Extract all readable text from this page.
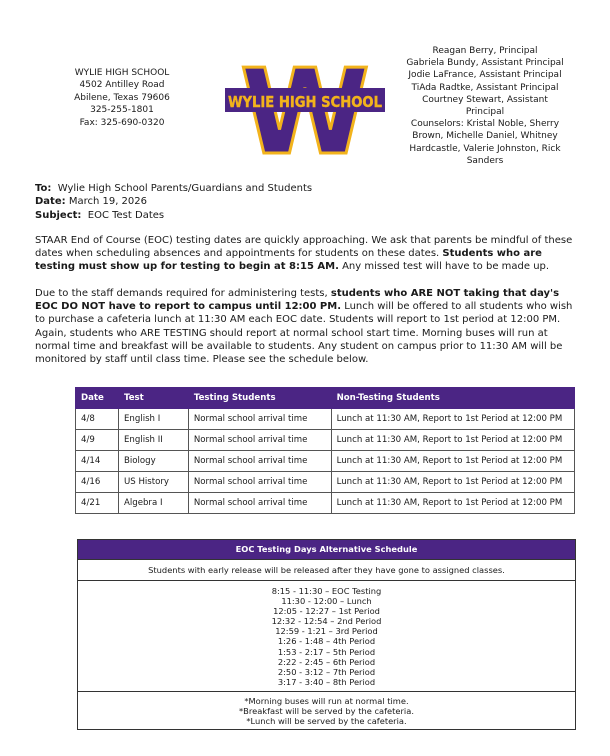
WYLIE HIGH SCHOOL
4502 Antilley Road
Abilene, Texas 79606
325-255-1801
Fax: 325-690-0320
WYLIE HIGH SCHOOL
Reagan Berry, Principal
Gabriela Bundy, Assistant Principal
Jodie LaFrance, Assistant Principal
TiAda Radtke, Assistant Principal
Courtney Stewart, Assistant Principal
Counselors: Kristal Noble, Sherry
Brown, Michelle Daniel, Whitney
Hardcastle, Valerie Johnston, Rick
Sanders
To: Wylie High School Parents/Guardians and Students
Date: March 19, 2026
Subject: EOC Test Dates
STAAR End of Course (EOC) testing dates are quickly approaching. We ask that parents be mindful of these dates when scheduling absences and appointments for students on these dates. Students who are testing must show up for testing to begin at 8:15 AM. Any missed test will have to be made up.
Due to the staff demands required for administering tests, students who ARE NOT taking that day's EOC DO NOT have to report to campus until 12:00 PM. Lunch will be offered to all students who wish to purchase a cafeteria lunch at 11:30 AM each EOC date. Students will report to 1st period at 12:00 PM. Again, students who ARE TESTING should report at normal school start time. Morning buses will run at normal time and breakfast will be available to students. Any student on campus prior to 11:30 AM will be monitored by staff until class time. Please see the schedule below.
Date	Test	Testing Students	Non-Testing Students
4/8	English I	Normal school arrival time	Lunch at 11:30 AM, Report to 1st Period at 12:00 PM
4/9	English II	Normal school arrival time	Lunch at 11:30 AM, Report to 1st Period at 12:00 PM
4/14	Biology	Normal school arrival time	Lunch at 11:30 AM, Report to 1st Period at 12:00 PM
4/16	US History	Normal school arrival time	Lunch at 11:30 AM, Report to 1st Period at 12:00 PM
4/21	Algebra I	Normal school arrival time	Lunch at 11:30 AM, Report to 1st Period at 12:00 PM
EOC Testing Days Alternative Schedule
Students with early release will be released after they have gone to assigned classes.
8:15 - 11:30 – EOC Testing
11:30 - 12:00 – Lunch
12:05 - 12:27 – 1st Period
12:32 - 12:54 – 2nd Period
12:59 - 1:21 – 3rd Period
1:26 - 1:48 – 4th Period
1:53 - 2:17 – 5th Period
2:22 - 2:45 – 6th Period
2:50 - 3:12 – 7th Period
3:17 - 3:40 – 8th Period
*Morning buses will run at normal time.
*Breakfast will be served by the cafeteria.
*Lunch will be served by the cafeteria.
